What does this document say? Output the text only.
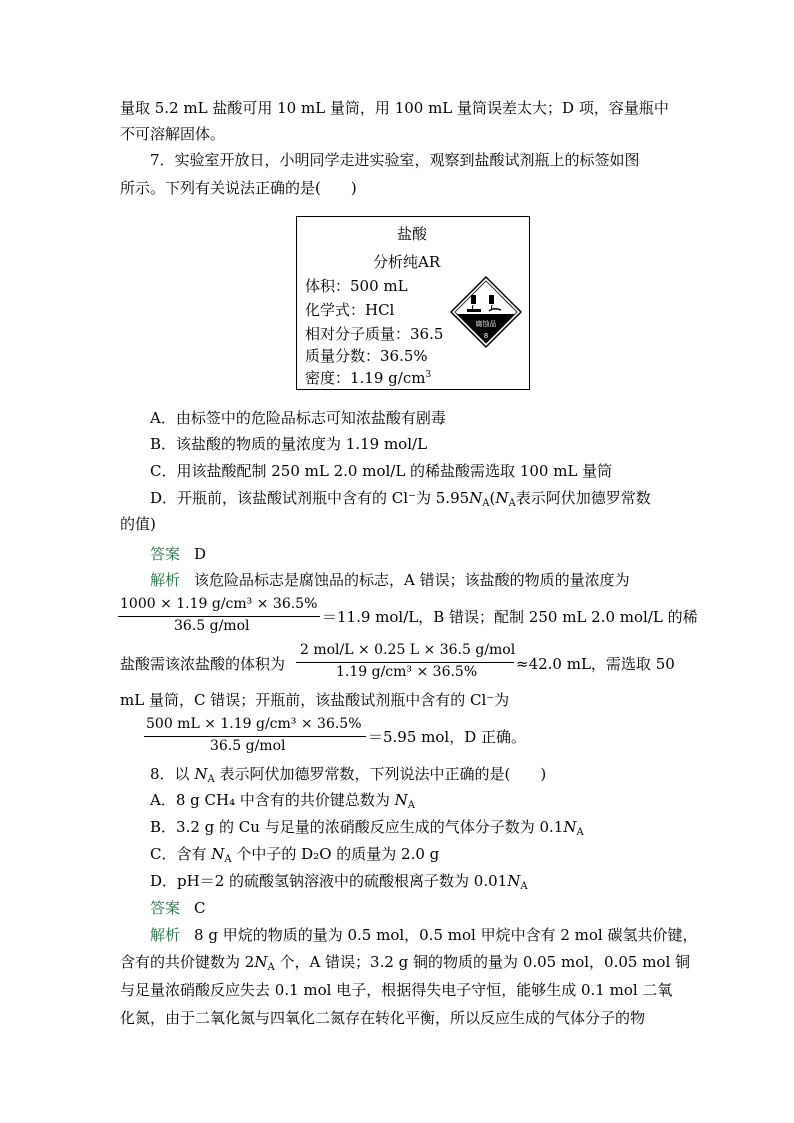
量取 5.2 mL 盐酸可用 10 mL 量筒，用 100 mL 量筒误差太大；D 项，容量瓶中
不可溶解固体。
7．实验室开放日，小明同学走进实验室，观察到盐酸试剂瓶上的标签如图
所示。下列有关说法正确的是(　　)
盐酸
分析纯AR
体积：500 mL
化学式：HCl
相对分子质量：36.5
质量分数：36.5%
密度：1.19 $g/cm^3$
腐蚀品
8
A．由标签中的危险品标志可知浓盐酸有剧毒
B．该盐酸的物质的量浓度为 1.19 mol/L
C．用该盐酸配制 250 mL 2.0 mol/L 的稀盐酸需选取 100 mL 量筒
D．开瓶前，该盐酸试剂瓶中含有的 Cl⁻为 $5.95N_A(N_A$表示阿伏加德罗常数
的值)
答案 D
解析 该危险品标志是腐蚀品的标志，A 错误；该盐酸的物质的量浓度为
1000 × 1.19 g/cm³ × 36.5%
36.5 g/mol	＝11.9 mol/L，B 错误；配制 250 mL 2.0 mol/L 的稀
盐酸需该浓盐酸的体积为
2 mol/L × 0.25 L × 36.5 g/mol
1.19 g/cm³ × 36.5%	≈42.0 mL，需选取 50
mL 量筒，C 错误；开瓶前，该盐酸试剂瓶中含有的 Cl⁻为
500 mL × 1.19 g/cm³ × 36.5%
36.5 g/mol	＝5.95 mol，D 正确。
8．以 $N_A$ 表示阿伏加德罗常数，下列说法中正确的是(　　)
A．8 g CH₄ 中含有的共价键总数为 $N_A$
B．3.2 g 的 Cu 与足量的浓硝酸反应生成的气体分子数为 $0.1N_A$
C．含有 $N_A$ 个中子的 D₂O 的质量为 2.0 g
D．pH＝2 的硫酸氢钠溶液中的硫酸根离子数为 $0.01N_A$
答案 C
解析 8 g 甲烷的物质的量为 0.5 mol，0.5 mol 甲烷中含有 2 mol 碳氢共价键，
含有的共价键数为 $2N_A$ 个，A 错误；3.2 g 铜的物质的量为 0.05 mol，0.05 mol 铜
与足量浓硝酸反应失去 0.1 mol 电子，根据得失电子守恒，能够生成 0.1 mol 二氧
化氮，由于二氧化氮与四氧化二氮存在转化平衡，所以反应生成的气体分子的物
